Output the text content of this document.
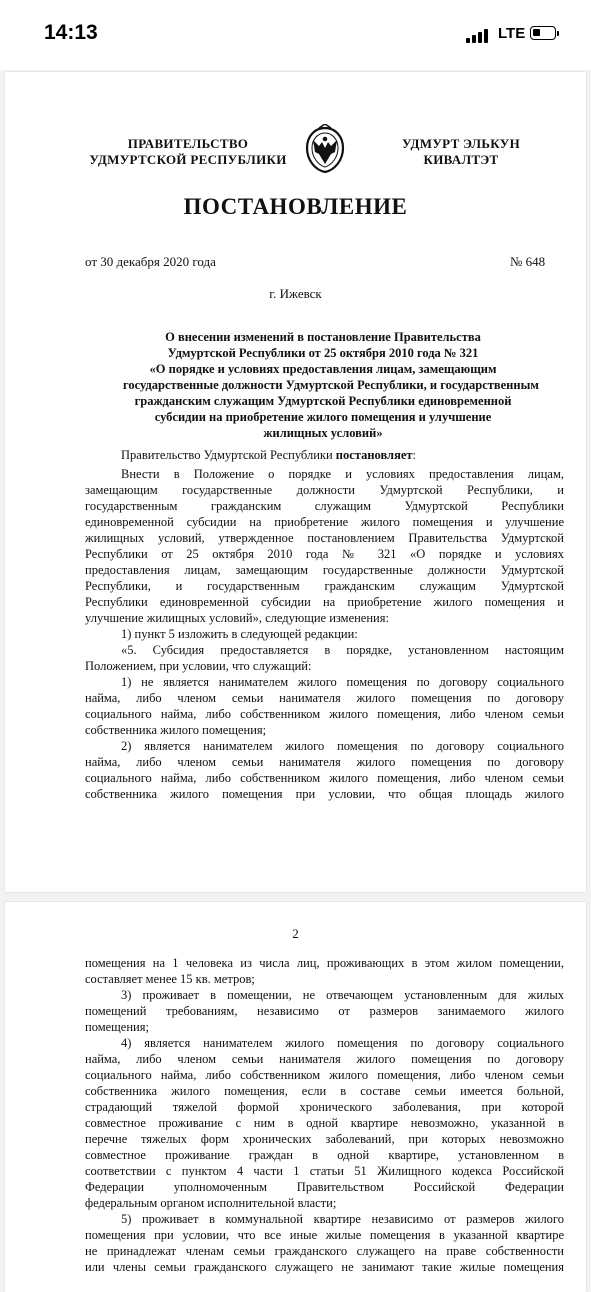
14:13	LTE
ПРАВИТЕЛЬСТВО
УДМУРТСКОЙ РЕСПУБЛИКИ
УДМУРТ ЭЛЬКУН
КИВАЛТЭТ
ПОСТАНОВЛЕНИЕ
от 30 декабря 2020 года	№ 648
г. Ижевск
О внесении изменений в постановление Правительства
Удмуртской Республики от 25 октября 2010 года № 321
«О порядке и условиях предоставления лицам, замещающим
государственные должности Удмуртской Республики, и государственным
гражданским служащим Удмуртской Республики единовременной
субсидии на приобретение жилого помещения и улучшение
жилищных условий»
Правительство Удмуртской Республики постановляет:
Внести в Положение о порядке и условиях предоставления лицам,
замещающим государственные должности Удмуртской Республики, и
государственным гражданским служащим Удмуртской Республики
единовременной субсидии на приобретение жилого помещения и улучшение
жилищных условий, утвержденное постановлением Правительства Удмуртской
Республики от 25 октября 2010 года № 321 «О порядке и условиях
предоставления лицам, замещающим государственные должности Удмуртской
Республики, и государственным гражданским служащим Удмуртской
Республики единовременной субсидии на приобретение жилого помещения и
улучшение жилищных условий», следующие изменения:
1) пункт 5 изложить в следующей редакции:
«5. Субсидия предоставляется в порядке, установленном настоящим
Положением, при условии, что служащий:
1) не является нанимателем жилого помещения по договору социального
найма, либо членом семьи нанимателя жилого помещения по договору
социального найма, либо собственником жилого помещения, либо членом семьи
собственника жилого помещения;
2) является нанимателем жилого помещения по договору социального
найма, либо членом семьи нанимателя жилого помещения по договору
социального найма, либо собственником жилого помещения, либо членом семьи
собственника жилого помещения при условии, что общая площадь жилого
2
помещения на 1 человека из числа лиц, проживающих в этом жилом помещении,
составляет менее 15 кв. метров;
3) проживает в помещении, не отвечающем установленным для жилых
помещений требованиям, независимо от размеров занимаемого жилого
помещения;
4) является нанимателем жилого помещения по договору социального
найма, либо членом семьи нанимателя жилого помещения по договору
социального найма, либо собственником жилого помещения, либо членом семьи
собственника жилого помещения, если в составе семьи имеется больной,
страдающий тяжелой формой хронического заболевания, при которой
совместное проживание с ним в одной квартире невозможно, указанной в
перечне тяжелых форм хронических заболеваний, при которых невозможно
совместное проживание граждан в одной квартире, установленном в
соответствии с пунктом 4 части 1 статьи 51 Жилищного кодекса Российской
Федерации уполномоченным Правительством Российской Федерации
федеральным органом исполнительной власти;
5) проживает в коммунальной квартире независимо от размеров жилого
помещения при условии, что все иные жилые помещения в указанной квартире
не принадлежат членам семьи гражданского служащего на праве собственности
или члены семьи гражданского служащего не занимают такие жилые помещения
